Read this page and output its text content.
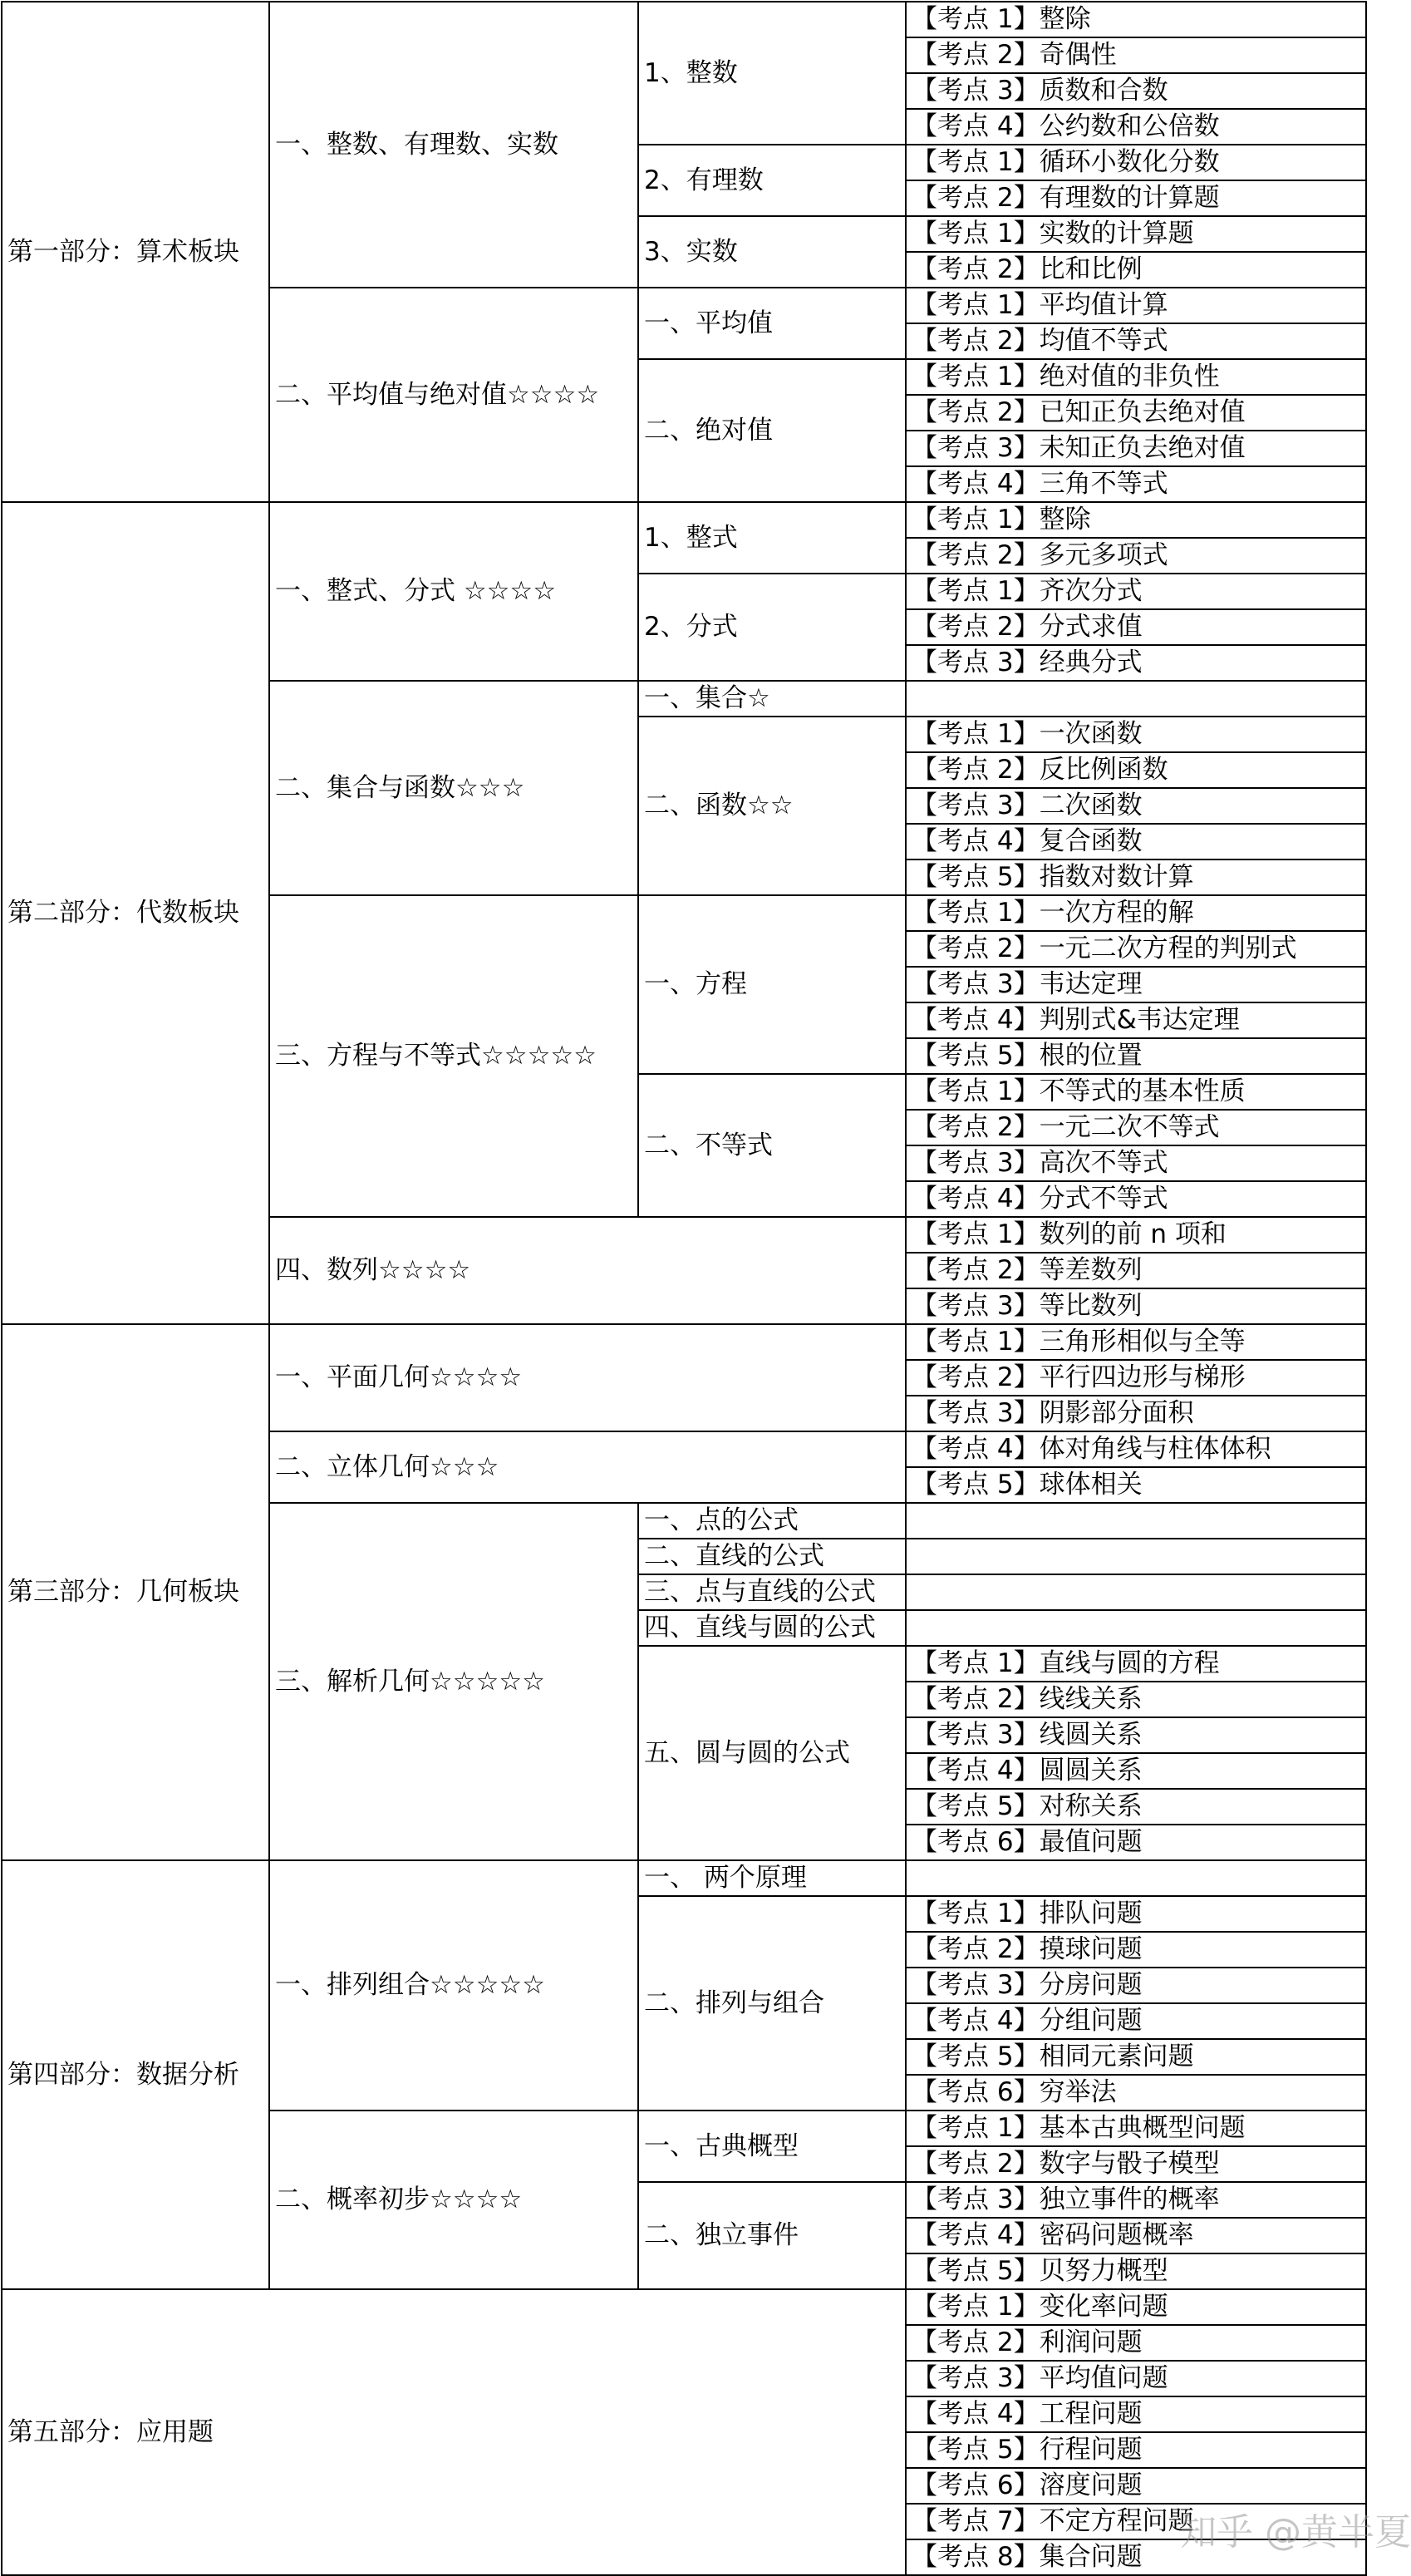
第一部分：算术板块	一、整数、有理数、实数	1、整数	【考点 1】整除
			【考点 2】奇偶性
			【考点 3】质数和合数
			【考点 4】公约数和公倍数
		2、有理数	【考点 1】循环小数化分数
			【考点 2】有理数的计算题
		3、实数	【考点 1】实数的计算题
			【考点 2】比和比例
	二、平均值与绝对值☆☆☆☆	一、平均值	【考点 1】平均值计算
			【考点 2】均值不等式
		二、绝对值	【考点 1】绝对值的非负性
			【考点 2】已知正负去绝对值
			【考点 3】未知正负去绝对值
			【考点 4】三角不等式
第二部分：代数板块	一、整式、分式 ☆☆☆☆	1、整式	【考点 1】整除
			【考点 2】多元多项式
		2、分式	【考点 1】齐次分式
			【考点 2】分式求值
			【考点 3】经典分式
	二、集合与函数☆☆☆	一、集合☆	
		二、函数☆☆	【考点 1】一次函数
			【考点 2】反比例函数
			【考点 3】二次函数
			【考点 4】复合函数
			【考点 5】指数对数计算
	三、方程与不等式☆☆☆☆☆	一、方程	【考点 1】一次方程的解
			【考点 2】一元二次方程的判别式
			【考点 3】韦达定理
			【考点 4】判别式&韦达定理
			【考点 5】根的位置
		二、不等式	【考点 1】不等式的基本性质
			【考点 2】一元二次不等式
			【考点 3】高次不等式
			【考点 4】分式不等式
	四、数列☆☆☆☆		【考点 1】数列的前 n 项和
			【考点 2】等差数列
			【考点 3】等比数列
第三部分：几何板块	一、平面几何☆☆☆☆		【考点 1】三角形相似与全等
			【考点 2】平行四边形与梯形
			【考点 3】阴影部分面积
	二、立体几何☆☆☆		【考点 4】体对角线与柱体体积
			【考点 5】球体相关
	三、解析几何☆☆☆☆☆	一、点的公式	
		二、直线的公式	
		三、点与直线的公式	
		四、直线与圆的公式	
		五、圆与圆的公式	【考点 1】直线与圆的方程
			【考点 2】线线关系
			【考点 3】线圆关系
			【考点 4】圆圆关系
			【考点 5】对称关系
			【考点 6】最值问题
第四部分：数据分析	一、排列组合☆☆☆☆☆	一、 两个原理	
		二、排列与组合	【考点 1】排队问题
			【考点 2】摸球问题
			【考点 3】分房问题
			【考点 4】分组问题
			【考点 5】相同元素问题
			【考点 6】穷举法
	二、概率初步☆☆☆☆	一、古典概型	【考点 1】基本古典概型问题
			【考点 2】数字与骰子模型
		二、独立事件	【考点 3】独立事件的概率
			【考点 4】密码问题概率
			【考点 5】贝努力概型
第五部分：应用题			【考点 1】变化率问题
			【考点 2】利润问题
			【考点 3】平均值问题
			【考点 4】工程问题
			【考点 5】行程问题
			【考点 6】溶度问题
			【考点 7】不定方程问题
			【考点 8】集合问题
知乎 @黄半夏
